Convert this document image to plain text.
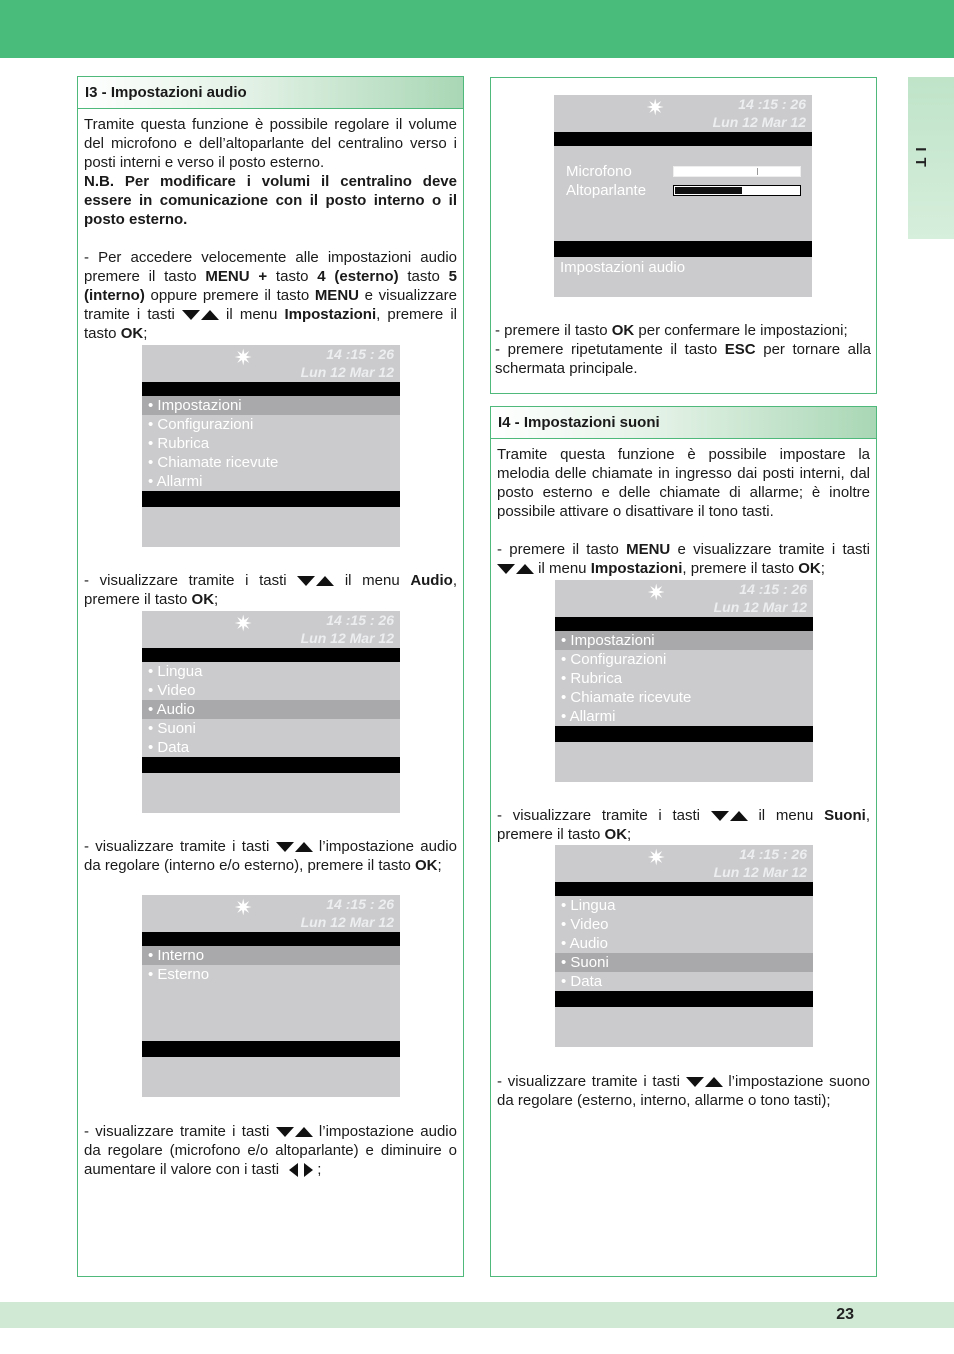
I T
I3 - Impostazioni audio
Tramite questa funzione è possibile regolare il volume del microfono e dell’altoparlante del centralino verso i posti interni e verso il posto esterno.
N.B. Per modificare i volumi il centralino deve essere in comunicazione con il posto interno o il posto esterno.
- Per accedere velocemente alle impostazioni audio premere il tasto MENU + tasto 4 (esterno) tasto 5 (interno) oppure premere il tasto MENU e visualizzare tramite i tasti  il menu Impostazioni, premere il tasto OK;
✷	14 :15 : 26
Lun 12 Mar 12
• Impostazioni
• Configurazioni
• Rubrica
• Chiamate ricevute
• Allarmi
- visualizzare tramite i tasti  il menu Audio, premere il tasto OK;
✷	14 :15 : 26
Lun 12 Mar 12
• Lingua
• Video
• Audio
• Suoni
• Data
- visualizzare tramite i tasti  l’impostazione audio da regolare (interno e/o esterno), premere il tasto OK;
✷	14 :15 : 26
Lun 12 Mar 12
• Interno
• Esterno
- visualizzare tramite i tasti  l’impostazione audio da regolare (microfono e/o altoparlante) e diminuire o aumentare il valore con i tasti ;
✷	14 :15 : 26
Lun 12 Mar 12
Microfono
Altoparlante
Impostazioni audio
- premere il tasto OK per confermare le impostazioni;
- premere ripetutamente il tasto ESC per tornare alla schermata principale.
I4 - Impostazioni suoni
Tramite questa funzione è possibile impostare la melodia delle chiamate in ingresso dai posti interni, dal posto esterno e delle chiamate di allarme; è inoltre possibile attivare o disattivare il tono tasti.
- premere il tasto MENU e visualizzare tramite i tasti  il menu Impostazioni, premere il tasto OK;
✷	14 :15 : 26
Lun 12 Mar 12
• Impostazioni
• Configurazioni
• Rubrica
• Chiamate ricevute
• Allarmi
- visualizzare tramite i tasti  il menu Suoni, premere il tasto OK;
✷	14 :15 : 26
Lun 12 Mar 12
• Lingua
• Video
• Audio
• Suoni
• Data
- visualizzare tramite i tasti  l’impostazione suono da regolare (esterno, interno, allarme o tono tasti);
23
